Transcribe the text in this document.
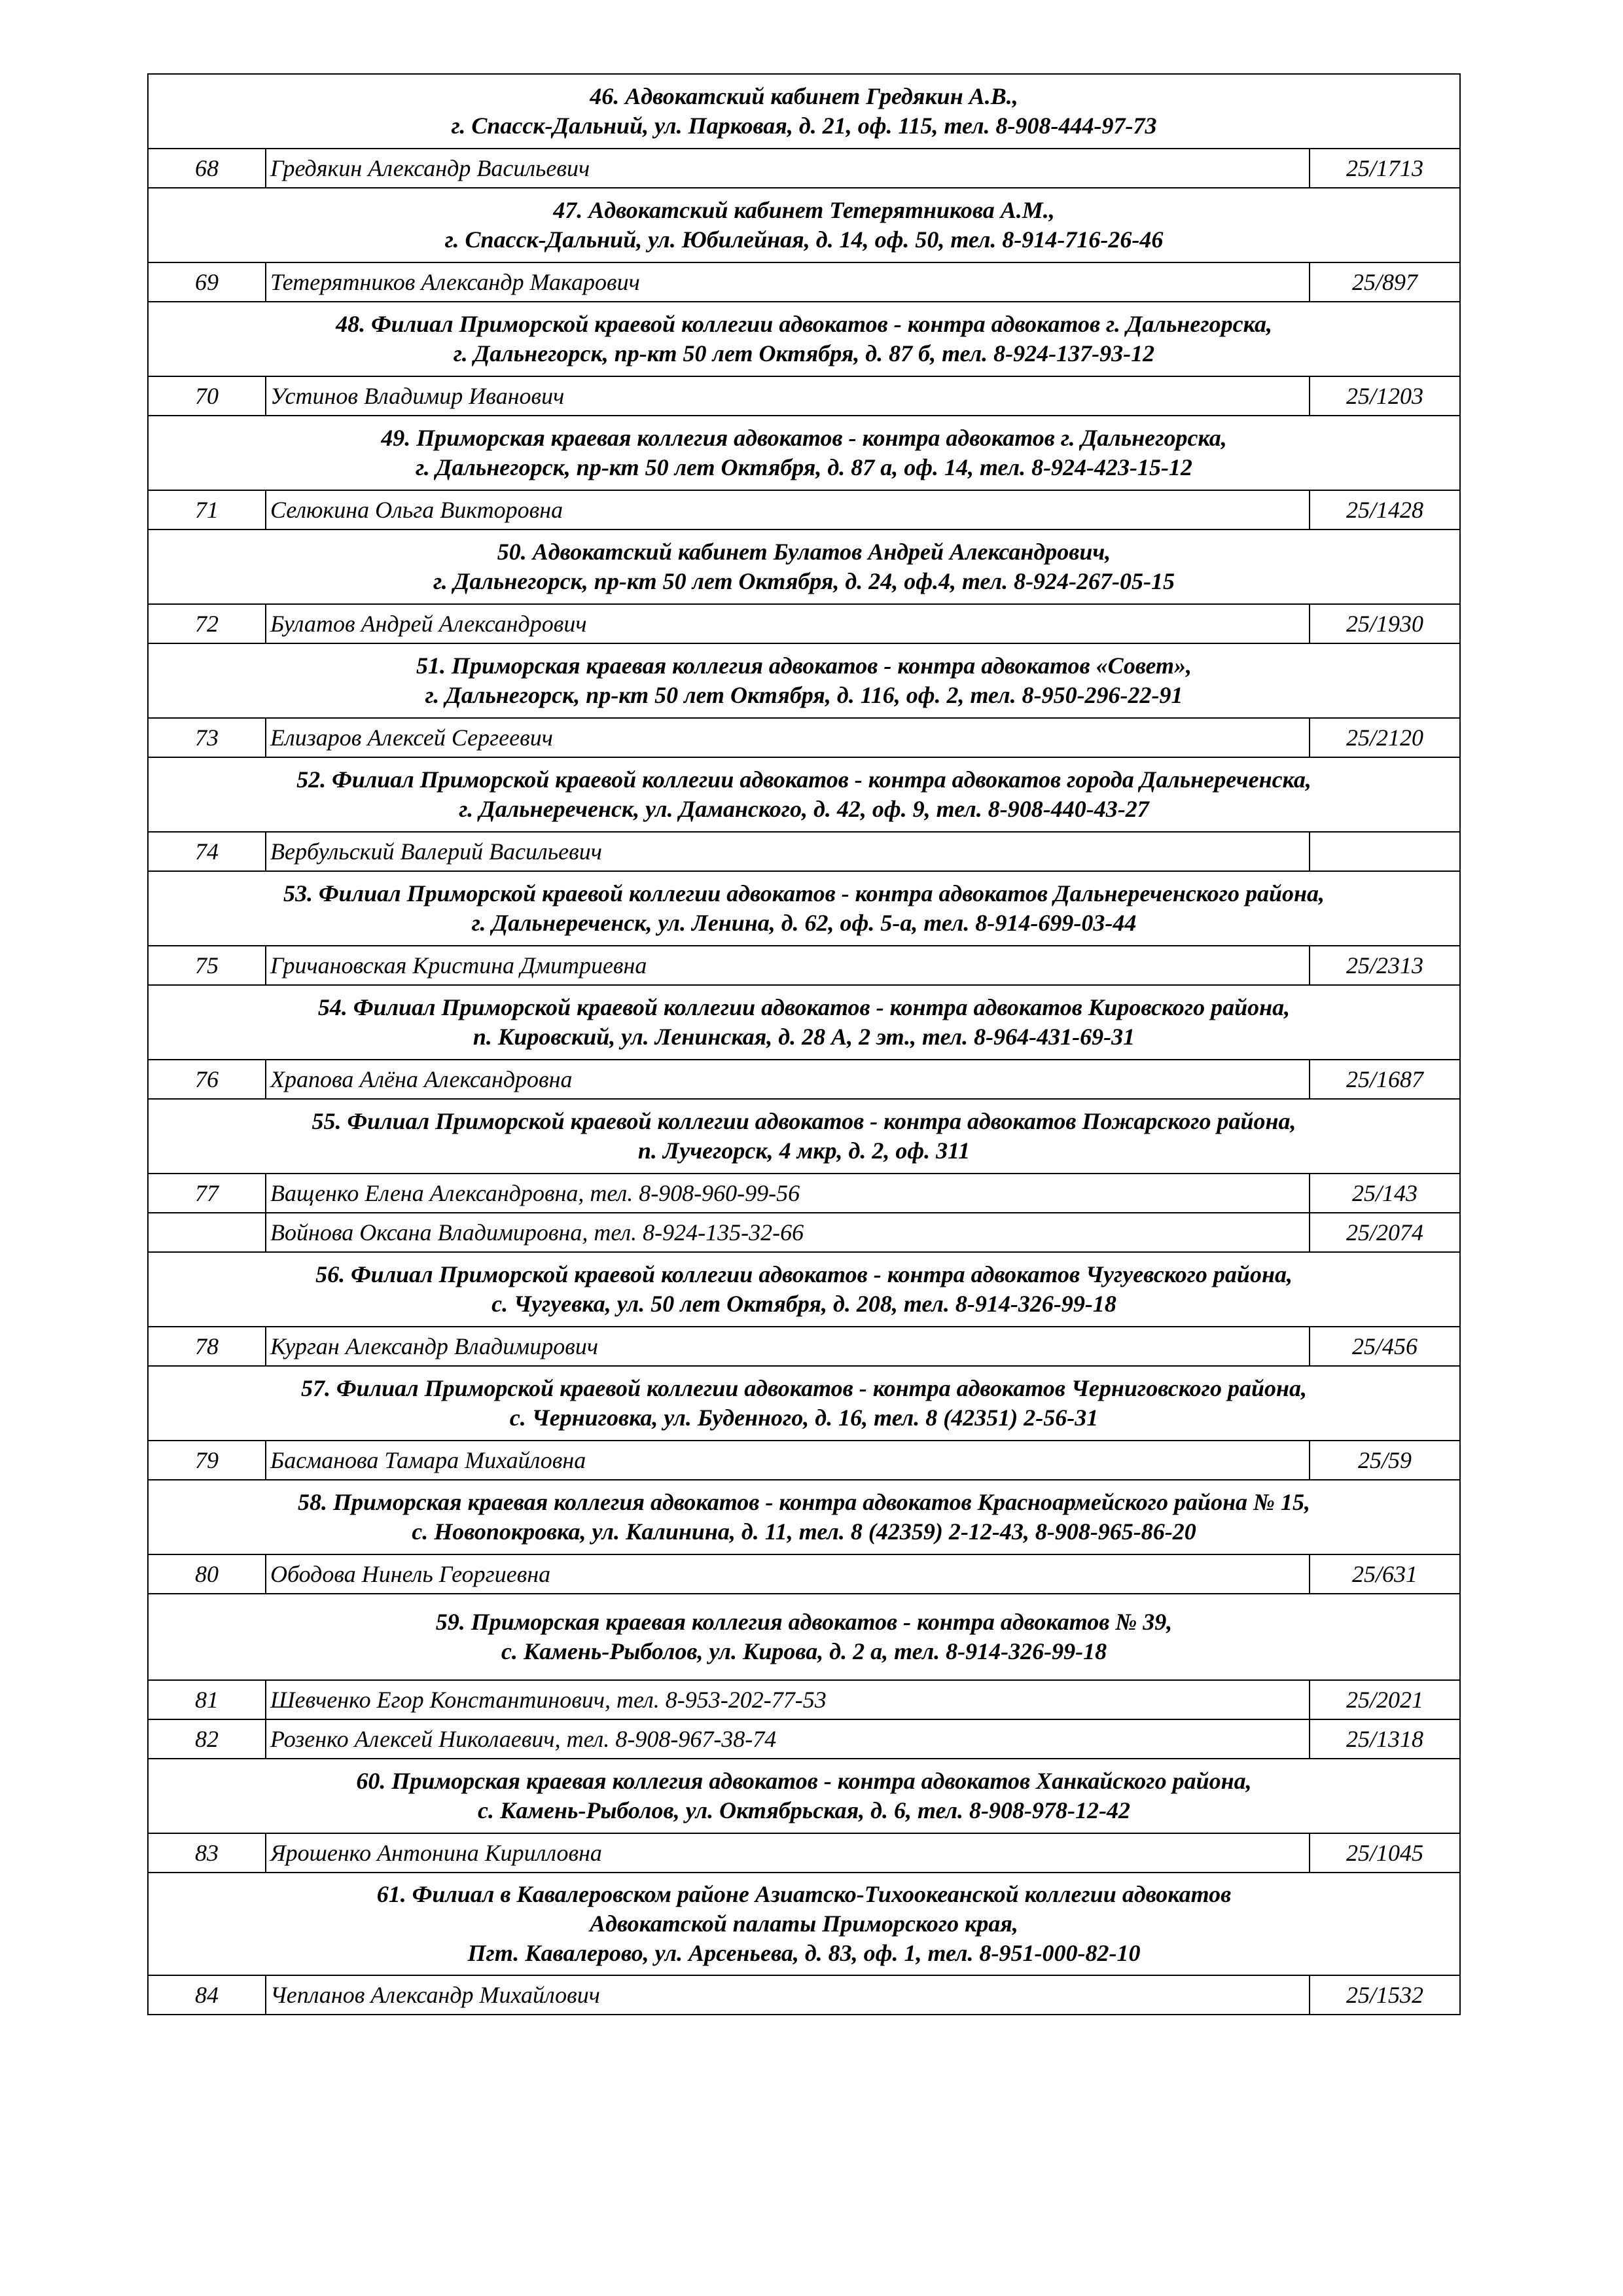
46. Адвокатский кабинет Гредякин А.В.,
г. Спасск-Дальний, ул. Парковая, д. 21, оф. 115, тел. 8-908-444-97-73		

68	Гредякин Александр Васильевич	25/1713

47. Адвокатский кабинет Тетерятникова А.М.,
г. Спасск-Дальний, ул. Юбилейная, д. 14, оф. 50, тел. 8-914-716-26-46		

69	Тетерятников Александр Макарович	25/897

48. Филиал Приморской краевой коллегии адвокатов - контра адвокатов г. Дальнегорска,
г. Дальнегорск, пр-кт 50 лет Октября, д. 87 б, тел. 8-924-137-93-12		

70	Устинов Владимир Иванович	25/1203

49. Приморская краевая коллегия адвокатов - контра адвокатов г. Дальнегорска,
г. Дальнегорск, пр-кт 50 лет Октября, д. 87 а, оф. 14, тел. 8-924-423-15-12		

71	Селюкина Ольга Викторовна	25/1428

50. Адвокатский кабинет Булатов Андрей Александрович,
г. Дальнегорск, пр-кт 50 лет Октября, д. 24, оф.4, тел. 8-924-267-05-15		

72	Булатов Андрей Александрович	25/1930

51. Приморская краевая коллегия адвокатов - контра адвокатов «Совет»,
г. Дальнегорск, пр-кт 50 лет Октября, д. 116, оф. 2, тел. 8-950-296-22-91		

73	Елизаров Алексей Сергеевич	25/2120

52. Филиал Приморской краевой коллегии адвокатов - контра адвокатов города Дальнереченска,
г. Дальнереченск, ул. Даманского, д. 42, оф. 9, тел. 8-908-440-43-27		

74	Вербульский Валерий Васильевич	

53. Филиал Приморской краевой коллегии адвокатов - контра адвокатов Дальнереченского района,
г. Дальнереченск, ул. Ленина, д. 62, оф. 5-а, тел. 8-914-699-03-44		

75	Гричановская Кристина Дмитриевна	25/2313

54. Филиал Приморской краевой коллегии адвокатов - контра адвокатов Кировского района,
п. Кировский, ул. Ленинская, д. 28 А, 2 эт., тел. 8-964-431-69-31		

76	Храпова Алёна Александровна	25/1687

55. Филиал Приморской краевой коллегии адвокатов - контра адвокатов Пожарского района,
п. Лучегорск, 4 мкр, д. 2, оф. 311		

77	Ващенко Елена Александровна, тел. 8-908-960-99-56	25/143
	Войнова Оксана Владимировна, тел. 8-924-135-32-66	25/2074

56. Филиал Приморской краевой коллегии адвокатов - контра адвокатов Чугуевского района,
с. Чугуевка, ул. 50 лет Октября, д. 208, тел. 8-914-326-99-18		

78	Курган Александр Владимирович	25/456

57. Филиал Приморской краевой коллегии адвокатов - контра адвокатов Черниговского района,
с. Черниговка, ул. Буденного, д. 16, тел. 8 (42351) 2-56-31		

79	Басманова Тамара Михайловна	25/59

58. Приморская краевая коллегия адвокатов - контра адвокатов Красноармейского района № 15,
с. Новопокровка, ул. Калинина, д. 11, тел. 8 (42359) 2-12-43, 8-908-965-86-20		

80	Ободова Нинель Георгиевна	25/631

59. Приморская краевая коллегия адвокатов - контра адвокатов № 39,
с. Камень-Рыболов, ул. Кирова, д. 2 а, тел. 8-914-326-99-18		

81	Шевченко Егор Константинович, тел. 8-953-202-77-53	25/2021
82	Розенко Алексей Николаевич, тел. 8-908-967-38-74	25/1318

60. Приморская краевая коллегия адвокатов - контра адвокатов Ханкайского района,
с. Камень-Рыболов, ул. Октябрьская, д. 6, тел. 8-908-978-12-42		

83	Ярошенко Антонина Кирилловна	25/1045

61. Филиал в Кавалеровском районе Азиатско-Тихоокеанской коллегии адвокатов
Адвокатской палаты Приморского края,
Пгт. Кавалерово, ул. Арсеньева, д. 83, оф. 1, тел. 8-951-000-82-10		

84	Чепланов Александр Михайлович	25/1532
